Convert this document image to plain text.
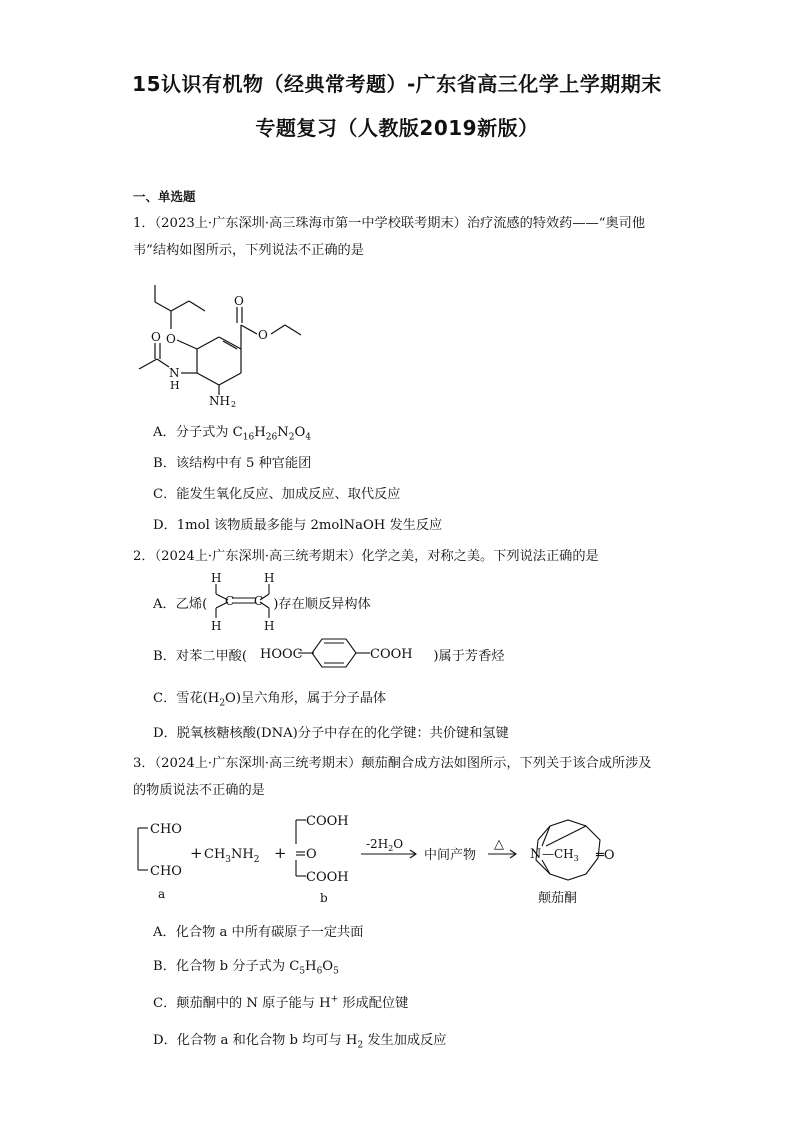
15认识有机物（经典常考题）-广东省高三化学上学期期末
专题复习（人教版2019新版）
一、单选题
1．（2023上·广东深圳·高三珠海市第一中学校联考期末）治疗流感的特效药——“奥司他韦”结构如图所示，下列说法不正确的是
O
O
O
O
N
H
NH 2
A．分子式为 $C_{16}H_{26}N_2O_4$
B．该结构中有 5 种官能团
C．能发生氧化反应、加成反应、取代反应
D．1mol 该物质最多能与 2molNaOH 发生反应
2．（2024上·广东深圳·高三统考期末）化学之美，对称之美。下列说法正确的是
A．乙烯(	)存在顺反异构体
H	H
H	H
C C
B．对苯二甲酸(	)属于芳香烃
HOOC	COOH
C．雪花$(H_2O)$呈六角形，属于分子晶体
D．脱氧核糖核酸(DNA)分子中存在的化学键：共价键和氢键
3．（2024上·广东深圳·高三统考期末）颠茄酮合成方法如图所示，下列关于该合成所涉及的物质说法不正确的是
CHO
CHO
a
+ $CH_3NH_2$ +
COOH
O
COOH
b
$-2H_2O$
中间产物
△
N $—CH_3$ ═O
颠茄酮
A．化合物 a 中所有碳原子一定共面
B．化合物 b 分子式为 $C_5H_6O_5$
C．颠茄酮中的 N 原子能与 H+ 形成配位键
D．化合物 a 和化合物 b 均可与 $H_2$ 发生加成反应
